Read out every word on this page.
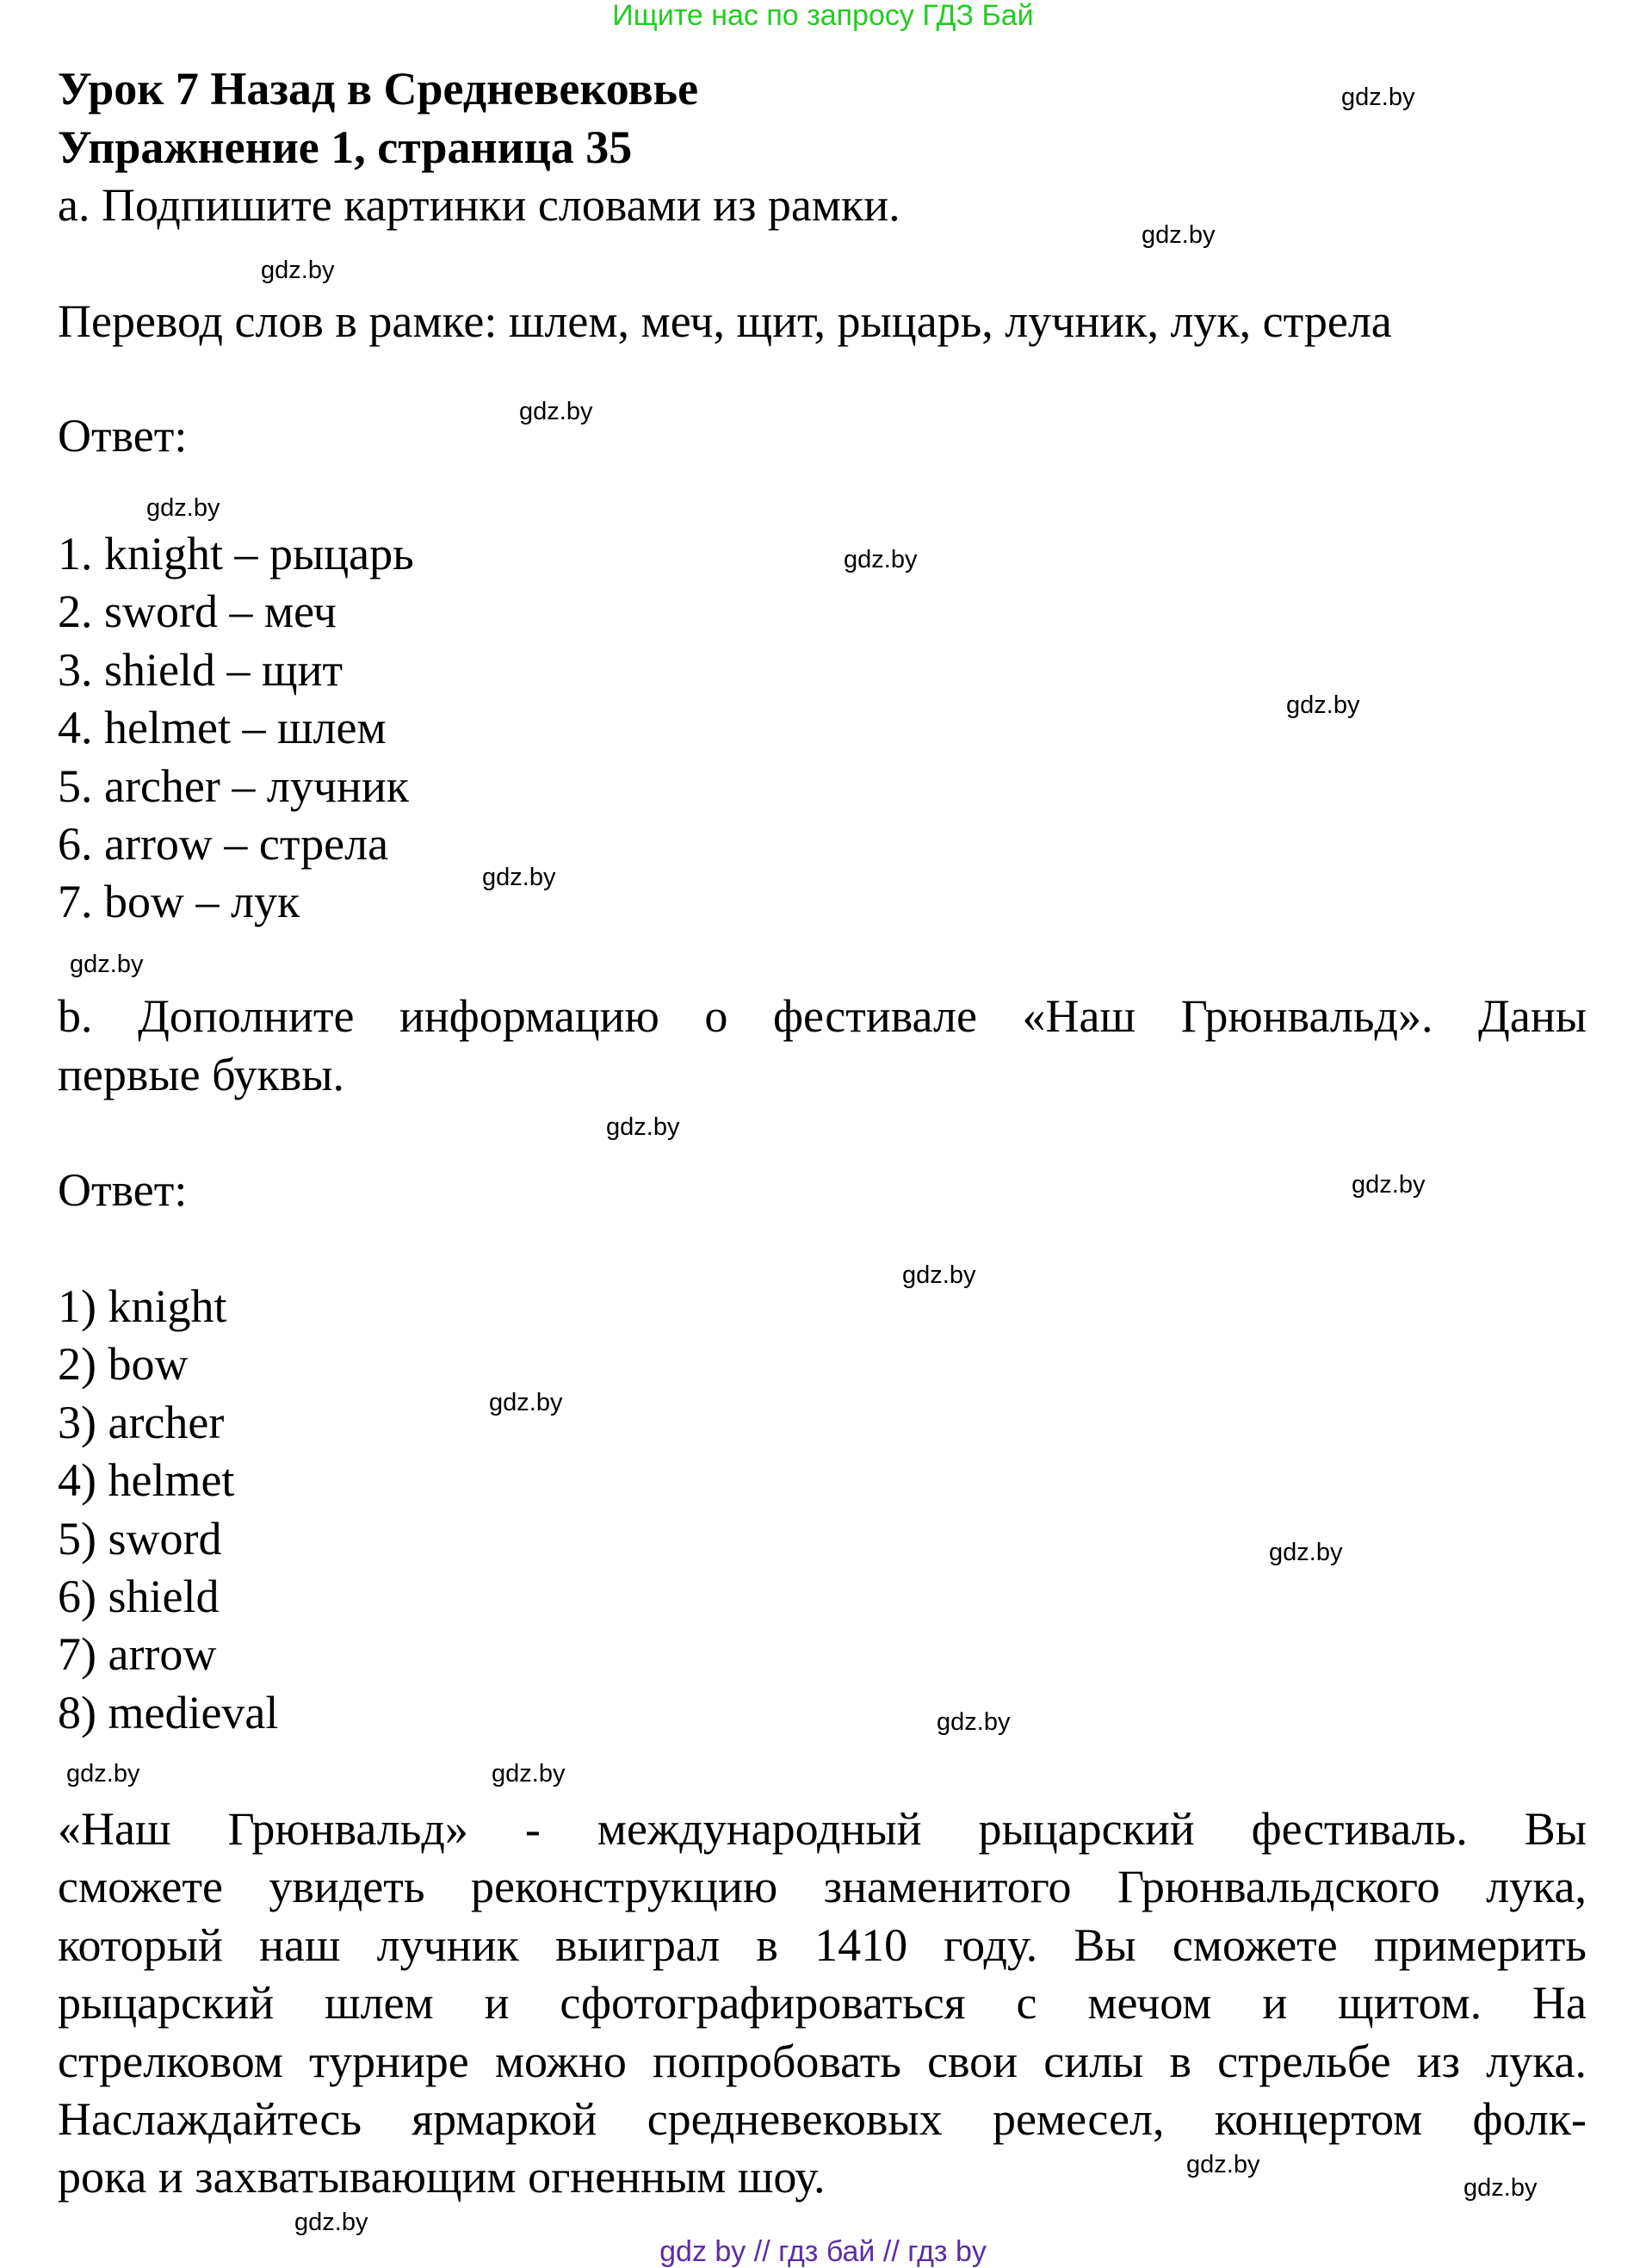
Ищите нас по запросу ГДЗ Бай
Урок 7 Назад в Средневековье
Упражнение 1, страница 35
a. Подпишите картинки словами из рамки.
Перевод слов в рамке: шлем, меч, щит, рыцарь, лучник, лук, стрела
Ответ:
1. knight – рыцарь
2. sword – меч
3. shield – щит
4. helmet – шлем
5. archer – лучник
6. arrow – стрела
7. bow – лук
b. Дополните информацию о фестивале «Наш Грюнвальд». Даны
первые буквы.
Ответ:
1) knight
2) bow
3) archer
4) helmet
5) sword
6) shield
7) arrow
8) medieval
«Наш Грюнвальд» - международный рыцарский фестиваль. Вы
сможете увидеть реконструкцию знаменитого Грюнвальдского лука,
который наш лучник выиграл в 1410 году. Вы сможете примерить
рыцарский шлем и сфотографироваться с мечом и щитом. На
стрелковом турнире можно попробовать свои силы в стрельбе из лука.
Наслаждайтесь ярмаркой средневековых ремесел, концертом фолк-
рока и захватывающим огненным шоу.
gdz.by
gdz.by
gdz.by
gdz.by
gdz.by
gdz.by
gdz.by
gdz.by
gdz.by
gdz.by
gdz.by
gdz.by
gdz.by
gdz.by
gdz.by
gdz.by	gdz.by
gdz.by
gdz.by
gdz.by
gdz by // гдз бай // гдз by
